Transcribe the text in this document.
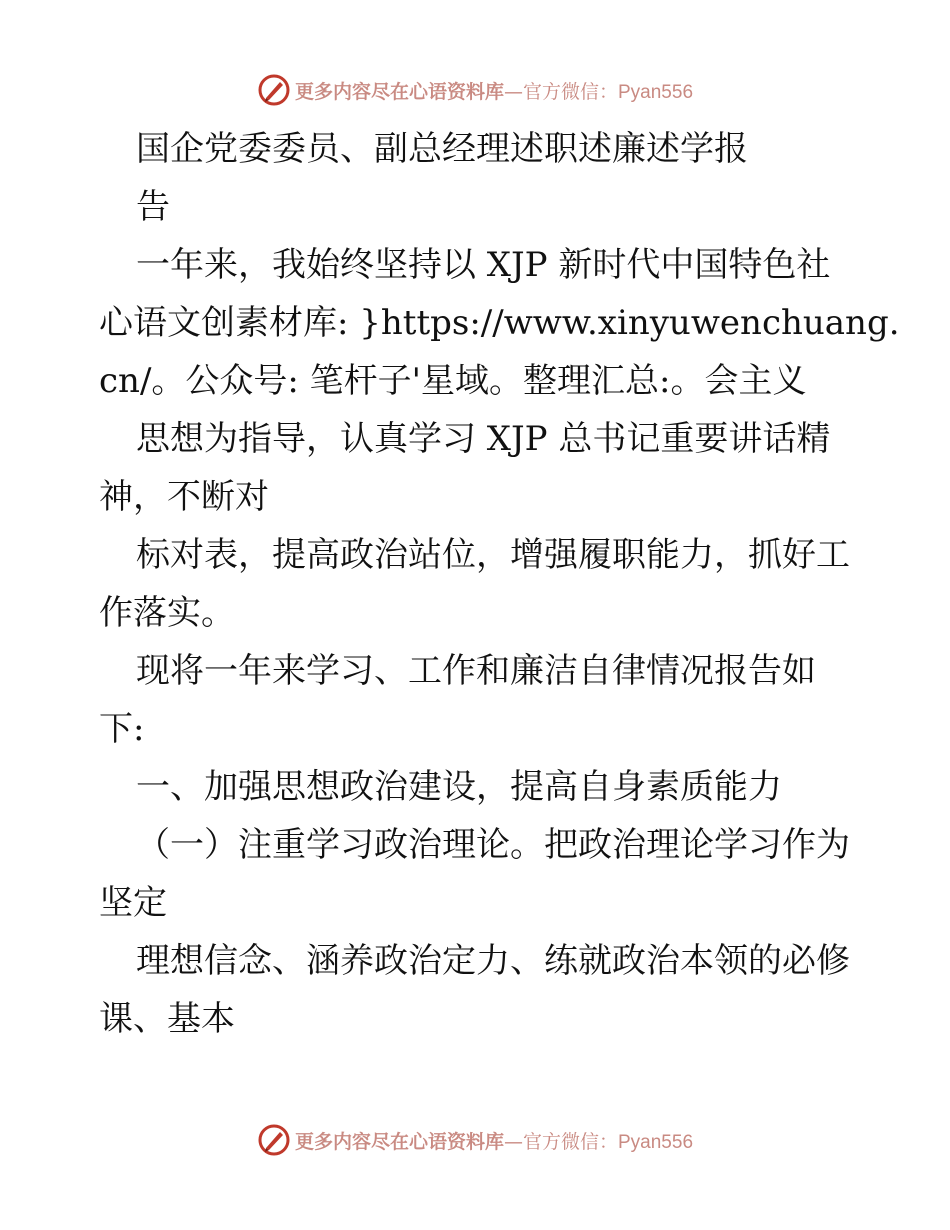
更多内容尽在心语资料库—官方微信：Pyan556
国企党委委员、副总经理述职述廉述学报
告
一年来，我始终坚持以 XJP 新时代中国特色社
心语文创素材库: }https://www.xinyuwenchuang.
cn/。公众号: 笔杆子'星域。整理汇总:。会主义
思想为指导，认真学习 XJP 总书记重要讲话精
神，不断对
标对表，提高政治站位，增强履职能力，抓好工
作落实。
现将一年来学习、工作和廉洁自律情况报告如
下:
一、加强思想政治建设，提高自身素质能力
（一）注重学习政治理论。把政治理论学习作为
坚定
理想信念、涵养政治定力、练就政治本领的必修
课、基本
更多内容尽在心语资料库—官方微信：Pyan556
